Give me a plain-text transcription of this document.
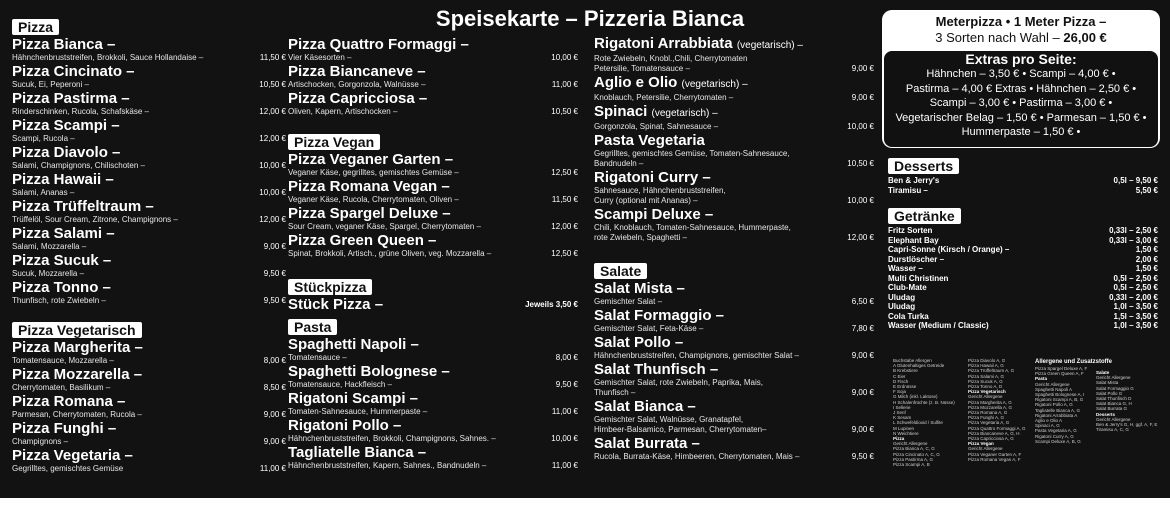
Speisekarte – Pizzeria Bianca
Pizza
Pizza Bianca –
Hähnchenbruststreifen, Brokkoli, Sauce Hollandaise –	11,50 €
Pizza Cincinato –
Sucuk, Ei, Peperoni –	10,50 €
Pizza Pastirma –
Rinderschinken, Rucola, Schafskäse –	12,00 €
Pizza Scampi –
Scampi, Rucola –	12,00 €
Pizza Diavolo –
Salami, Champignons, Chilischoten –	10,00 €
Pizza Hawaii –
Salami, Ananas –	10,00 €
Pizza Trüffeltraum –
Trüffelöl, Sour Cream, Zitrone, Champignons –	12,00 €
Pizza Salami –
Salami, Mozzarella –	9,00 €
Pizza Sucuk –
Sucuk, Mozzarella –	9,50 €
Pizza Tonno –
Thunfisch, rote Zwiebeln –	9,50 €
Pizza Vegetarisch
Pizza Margherita –
Tomatensauce, Mozzarella –	8,00 €
Pizza Mozzarella –
Cherrytomaten, Basilikum –	8,50 €
Pizza Romana –
Parmesan, Cherrytomaten, Rucola –	9,00 €
Pizza Funghi –
Champignons –	9,00 €
Pizza Vegetaria –
Gegrilltes, gemischtes Gemüse	11,00 €
Pizza Quattro Formaggi –
Vier Käsesorten –	10,00 €
Pizza Biancaneve –
Artischocken, Gorgonzola, Walnüsse –	11,00 €
Pizza Capricciosa –
Oliven, Kapern, Artischocken –	10,50 €
Pizza Vegan
Pizza Veganer Garten –
Veganer Käse, gegrilltes, gemischtes Gemüse –	12,50 €
Pizza Romana Vegan –
Veganer Käse, Rucola, Cherrytomaten, Oliven –	11,50 €
Pizza Spargel Deluxe –
Sour Cream, veganer Käse, Spargel, Cherrytomaten –	12,00 €
Pizza Green Queen –
Spinat, Brokkoli, Artisch., grüne Oliven, veg. Mozzarella –	12,50 €
Stückpizza
Stück Pizza –	Jeweils 3,50 €
Pasta
Spaghetti Napoli –
Tomatensauce –	8,00 €
Spaghetti Bolognese –
Tomatensauce, Hackfleisch –	9,50 €
Rigatoni Scampi –
Tomaten-Sahnesauce, Hummerpaste –	11,00 €
Rigatoni Pollo –
Hähnchenbruststreifen, Brokkoli, Champignons, Sahnes. –	10,00 €
Tagliatelle Bianca –
Hähnchenbruststreifen, Kapern, Sahnes., Bandnudeln –	11,00 €
Rigatoni Arrabbiata (vegetarisch) –
Rote Zwiebeln, Knobl.,Chili, Cherrytomaten
Petersilie, Tomatensauce –	9,00 €
Aglio e Olio (vegetarisch) –
Knoblauch, Petersilie, Cherrytomaten –	9,00 €
Spinaci (vegetarisch) –
Gorgonzola, Spinat, Sahnesauce –	10,00 €
Pasta Vegetaria
Gegrilltes, gemischtes Gemüse, Tomaten-Sahnesauce,
Bandnudeln –	10,50 €
Rigatoni Curry –
Sahnesauce, Hähnchenbruststreifen,
Curry (optional mit Ananas) –	10,00 €
Scampi Deluxe –
Chili, Knoblauch, Tomaten-Sahnesauce, Hummerpaste,
rote Zwiebeln, Spaghetti –	12,00 €
Salate
Salat Mista –
Gemischter Salat –	6,50 €
Salat Formaggio –
Gemischter Salat, Feta-Käse –	7,80 €
Salat Pollo –
Hähnchenbruststreifen, Champignons, gemischter Salat –	9,00 €
Salat Thunfisch –
Gemischter Salat, rote Zwiebeln, Paprika, Mais,
Thunfisch –	9,00 €
Salat Bianca –
Gemischter Salat, Walnüsse, Granatapfel,
Himbeer-Balsamico, Parmesan, Cherrytomaten–	9,00 €
Salat Burrata –
Rucola, Burrata-Käse, Himbeeren, Cherrytomaten, Mais –	9,50 €
Meterpizza • 1 Meter Pizza –
3 Sorten nach Wahl – 26,00 €
Extras pro Seite:
Hähnchen – 3,50 € • Scampi – 4,00 € •
Pastirma – 4,00 € Extras • Hähnchen – 2,50 € •
Scampi – 3,00 € • Pastirma – 3,00 € •
Vegetarischer Belag – 1,50 € • Parmesan – 1,50 € •
Hummerpaste – 1,50 € •
Desserts
Ben & Jerry's	0,5l – 9,50 €
Tiramisu –	5,50 €
Getränke
Fritz Sorten	0,33l – 2,50 €
Elephant Bay	0,33l – 3,00 €
Capri-Sonne (Kirsch / Orange) –	1,50 €
Durstlöscher –	2,00 €
Wasser –	1,50 €
Multi Christinen	0,5l – 2,50 €
Club-Mate	0,5l – 2,50 €
Uludag	0,33l – 2,00 €
Uludag	1,0l – 3,50 €
Cola Turka	1,5l – 3,50 €
Wasser (Medium / Classic)	1,0l – 3,50 €
Buchstabe Allergen
A Glutenhaltiges Getreide
B Krebstiere
C Eier
D Fisch
E Erdnüsse
F Soja
G Milch (inkl. Laktose)
H Schalenfrüchte (z. B. Nüsse)
I Sellerie
J Senf
K Sesam
L Schwefeldioxid / Sulfite
M Lupinen
N Weichtiere
Pizza
Gericht Allergene
Pizza Bianca A, C, G
Pizza Cincinato A, C, G
Pizza Pastirma A, G
Pizza Scampi A, B
Pizza Diavolo A, G
Pizza Hawaii A, G
Pizza Trüffeltraum A, G
Pizza Salami A, G
Pizza Sucuk A, G
Pizza Tonno A, D
Pizza Vegetarisch
Gericht Allergene
Pizza Margherita A, G
Pizza Mozzarella A, G
Pizza Romana A, G
Pizza Funghi A, G
Pizza Vegetaria A, G
Pizza Quattro Formaggi A, G
Pizza Biancaneve A, G, H
Pizza Capricciosa A, G
Pizza Vegan
Gericht Allergene
Pizza Veganer Garten A, F
Pizza Romana Vegan A, F
Allergene und Zusatzstoffe
Pizza Spargel Deluxe A, F
Pizza Green Queen A, F
Pasta
Gericht Allergene
Spaghetti Napoli A
Spaghetti Bolognese A, I
Rigatoni Scampi A, B, G
Rigatoni Pollo A, G
Tagliatelle Bianca A, G
Rigatoni Arrabbiata A
Aglio e Olio A
Spinaci A, G
Pasta Vegetaria A, G
Rigatoni Curry A, G
Scampi Deluxe A, B, G
Salate
Gericht Allergene
Salat Mista
Salat Formaggio G
Salat Pollo G
Salat Thunfisch D
Salat Bianca G, H
Salat Burrata G
Desserts
Gericht Allergene
Ben & Jerry's G, H, ggf. A, F, E
Tiramisu A, C, G
